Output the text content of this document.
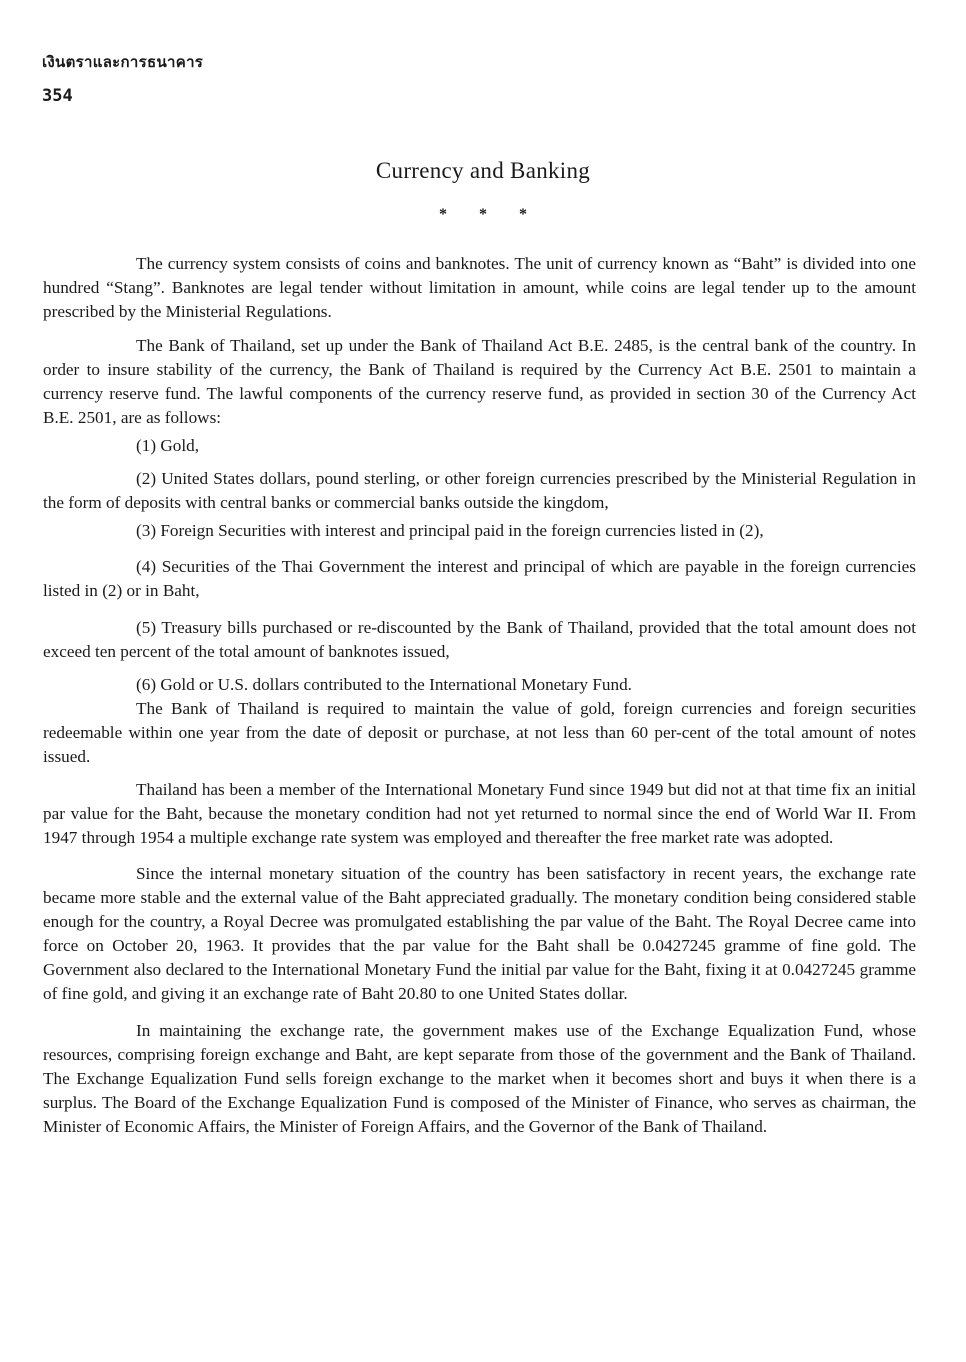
เงินตราและการธนาคาร
354
Currency and Banking
* * *

The currency system consists of coins and banknotes. The unit of currency known as “Baht” is divided into one hundred “Stang”. Banknotes are legal tender without limitation in amount, while coins are legal tender up to the amount prescribed by the Ministerial Regulations.

The Bank of Thailand, set up under the Bank of Thailand Act B.E. 2485, is the central bank of the country. In order to insure stability of the currency, the Bank of Thailand is required by the Currency Act B.E. 2501 to maintain a currency reserve fund. The lawful components of the currency reserve fund, as provided in section 30 of the Currency Act B.E. 2501, are as follows:

(1) Gold,

(2) United States dollars, pound sterling, or other foreign currencies prescribed by the Ministerial Regulation in the form of deposits with central banks or commercial banks outside the kingdom,

(3) Foreign Securities with interest and principal paid in the foreign currencies listed in (2),

(4) Securities of the Thai Government the interest and principal of which are payable in the foreign currencies listed in (2) or in Baht,

(5) Treasury bills purchased or re-discounted by the Bank of Thailand, provided that the total amount does not exceed ten percent of the total amount of banknotes issued,

(6) Gold or U.S. dollars contributed to the International Monetary Fund.

The Bank of Thailand is required to maintain the value of gold, foreign currencies and foreign securities redeemable within one year from the date of deposit or purchase, at not less than 60 per-cent of the total amount of notes issued.

Thailand has been a member of the International Monetary Fund since 1949 but did not at that time fix an initial par value for the Baht, because the monetary condition had not yet returned to normal since the end of World War II. From 1947 through 1954 a multiple exchange rate system was employed and thereafter the free market rate was adopted.

Since the internal monetary situation of the country has been satisfactory in recent years, the exchange rate became more stable and the external value of the Baht appreciated gradually. The monetary condition being considered stable enough for the country, a Royal Decree was promulgated establishing the par value of the Baht. The Royal Decree came into force on October 20, 1963. It provides that the par value for the Baht shall be 0.0427245 gramme of fine gold. The Government also declared to the International Monetary Fund the initial par value for the Baht, fixing it at 0.0427245 gramme of fine gold, and giving it an exchange rate of Baht 20.80 to one United States dollar.

In maintaining the exchange rate, the government makes use of the Exchange Equalization Fund, whose resources, comprising foreign exchange and Baht, are kept separate from those of the government and the Bank of Thailand. The Exchange Equalization Fund sells foreign exchange to the market when it becomes short and buys it when there is a surplus. The Board of the Exchange Equalization Fund is composed of the Minister of Finance, who serves as chairman, the Minister of Economic Affairs, the Minister of Foreign Affairs, and the Governor of the Bank of Thailand.
